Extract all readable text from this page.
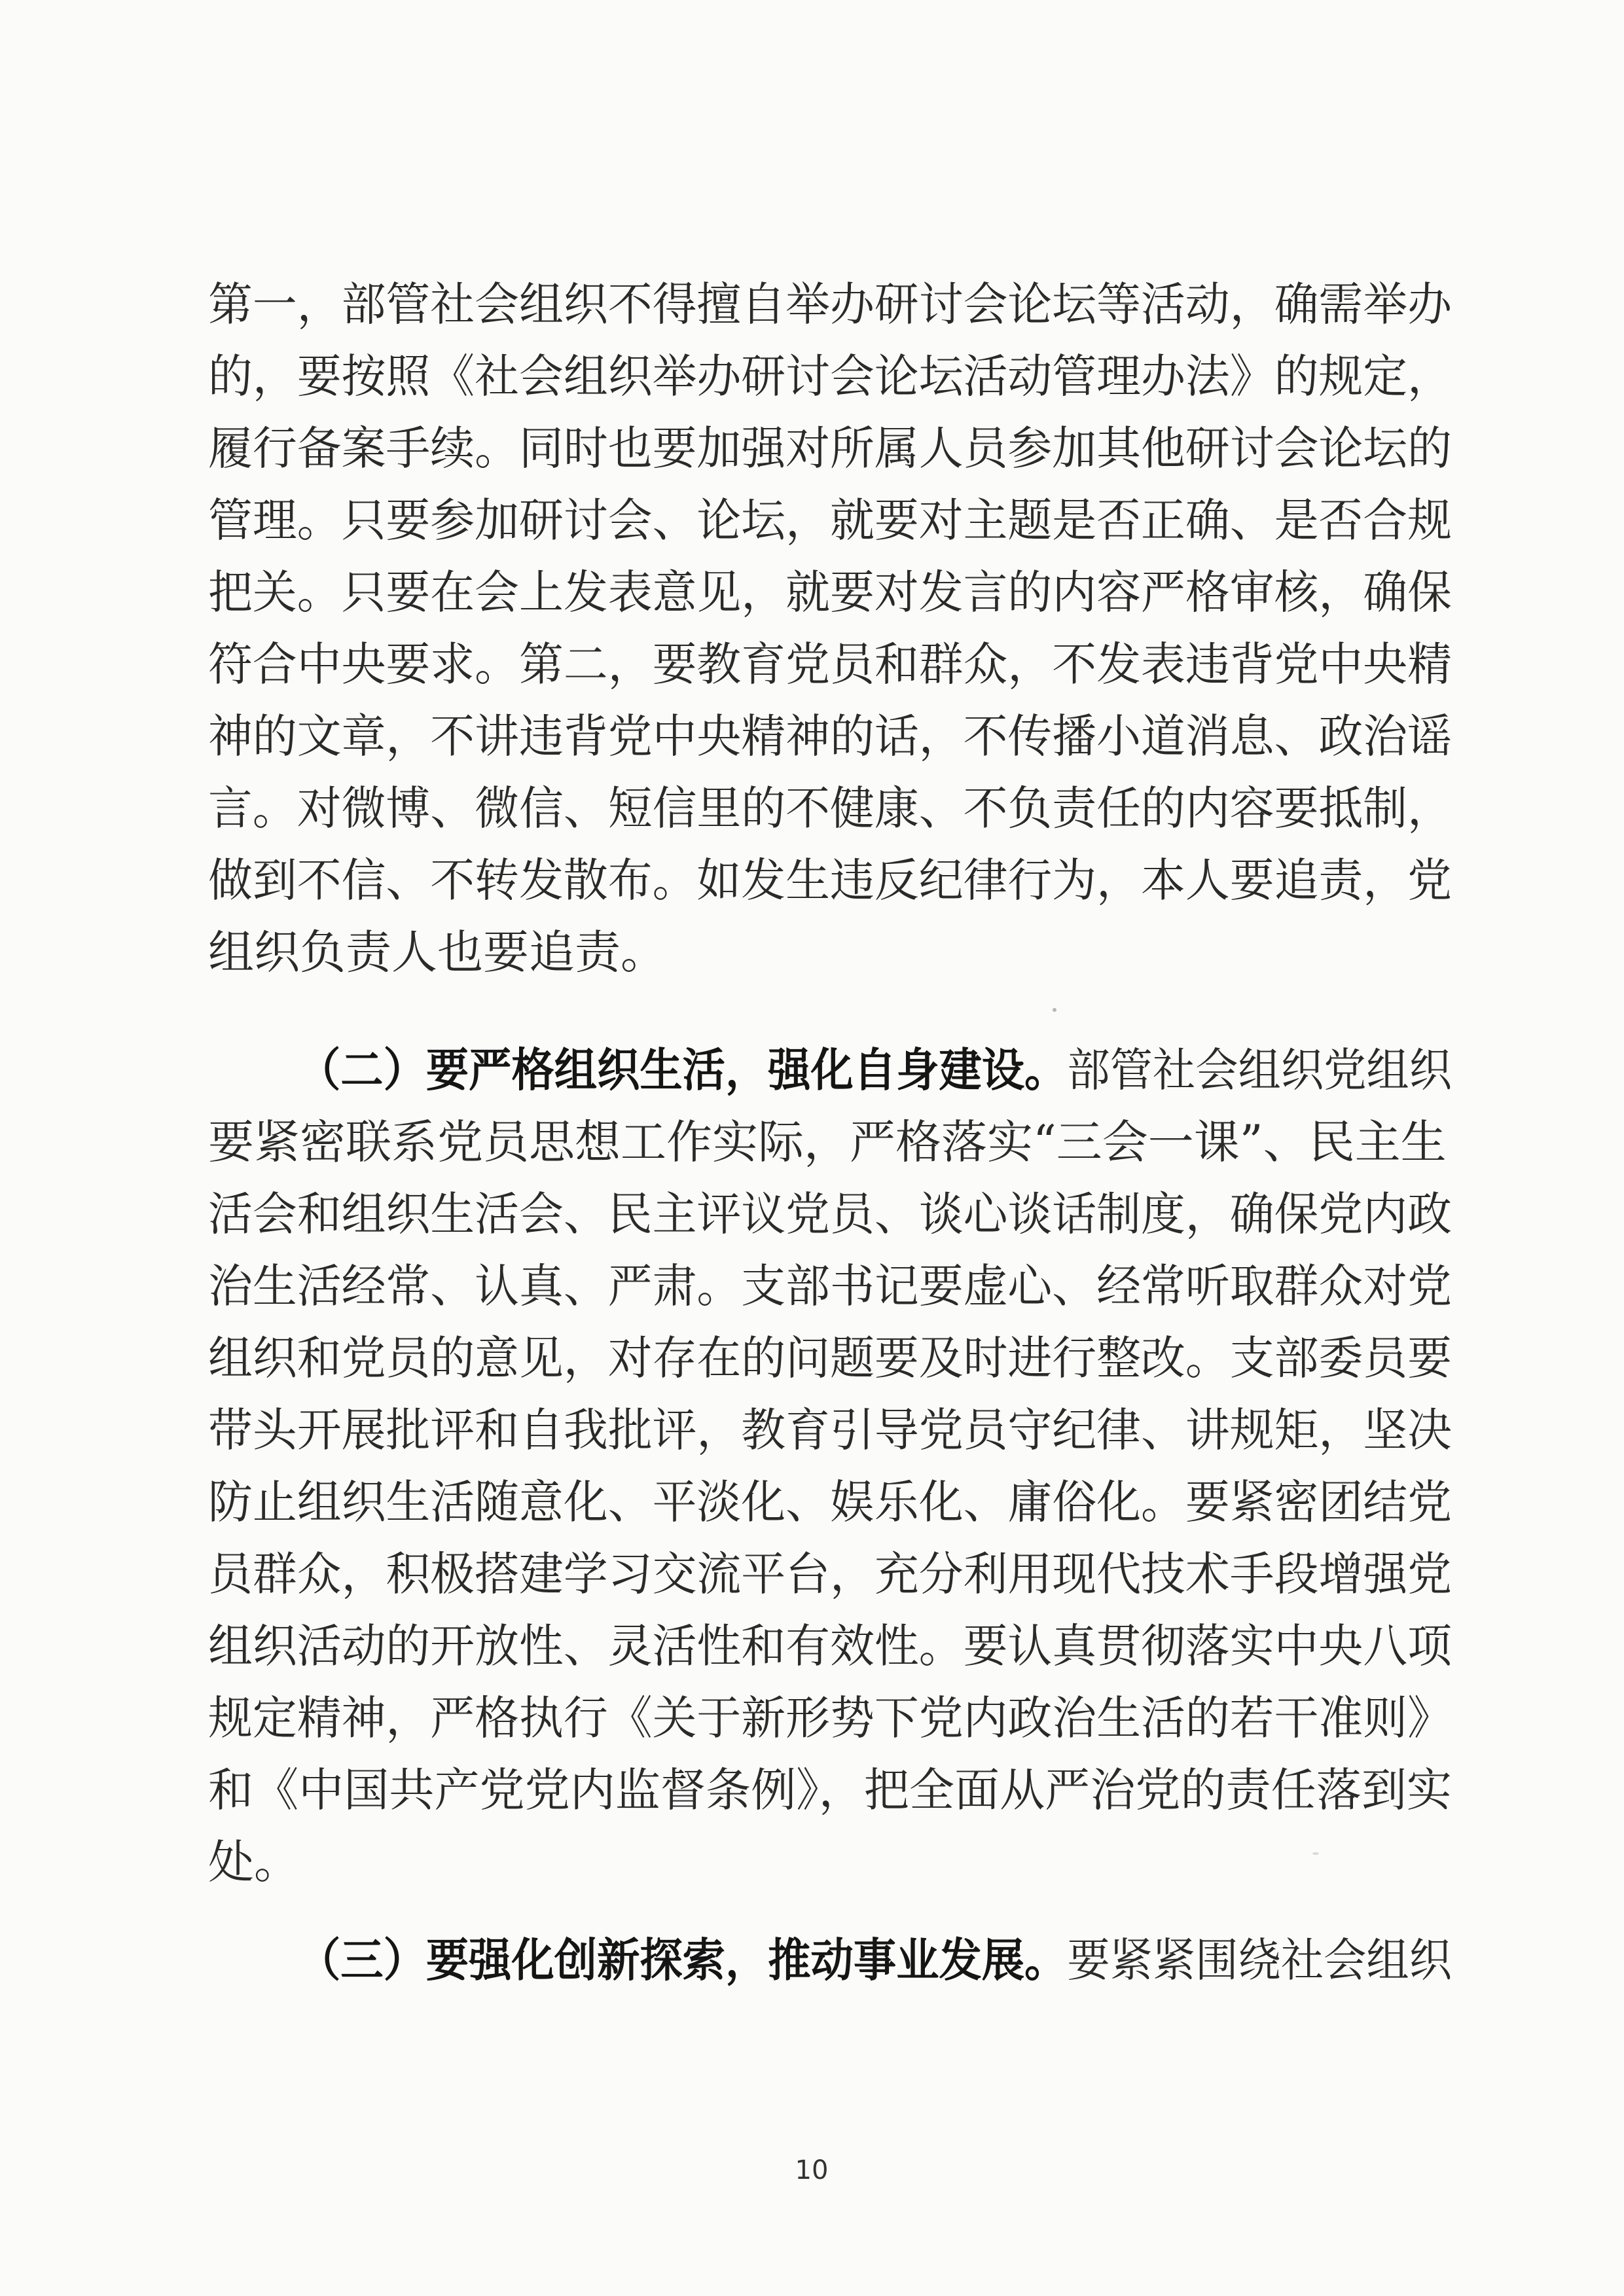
第一，部管社会组织不得擅自举办研讨会论坛等活动，确需举办
的，要按照《社会组织举办研讨会论坛活动管理办法》的规定，
履行备案手续。同时也要加强对所属人员参加其他研讨会论坛的
管理。只要参加研讨会、论坛，就要对主题是否正确、是否合规
把关。只要在会上发表意见，就要对发言的内容严格审核，确保
符合中央要求。第二，要教育党员和群众，不发表违背党中央精
神的文章，不讲违背党中央精神的话，不传播小道消息、政治谣
言。对微博、微信、短信里的不健康、不负责任的内容要抵制，
做到不信、不转发散布。如发生违反纪律行为，本人要追责，党
组织负责人也要追责。
（二）要严格组织生活，强化自身建设。部管社会组织党组织
要紧密联系党员思想工作实际，严格落实“三会一课”、民主生
活会和组织生活会、民主评议党员、谈心谈话制度，确保党内政
治生活经常、认真、严肃。支部书记要虚心、经常听取群众对党
组织和党员的意见，对存在的问题要及时进行整改。支部委员要
带头开展批评和自我批评，教育引导党员守纪律、讲规矩，坚决
防止组织生活随意化、平淡化、娱乐化、庸俗化。要紧密团结党
员群众，积极搭建学习交流平台，充分利用现代技术手段增强党
组织活动的开放性、灵活性和有效性。要认真贯彻落实中央八项
规定精神，严格执行《关于新形势下党内政治生活的若干准则》
和《中国共产党党内监督条例》，把全面从严治党的责任落到实
处。
（三）要强化创新探索，推动事业发展。要紧紧围绕社会组织
10
